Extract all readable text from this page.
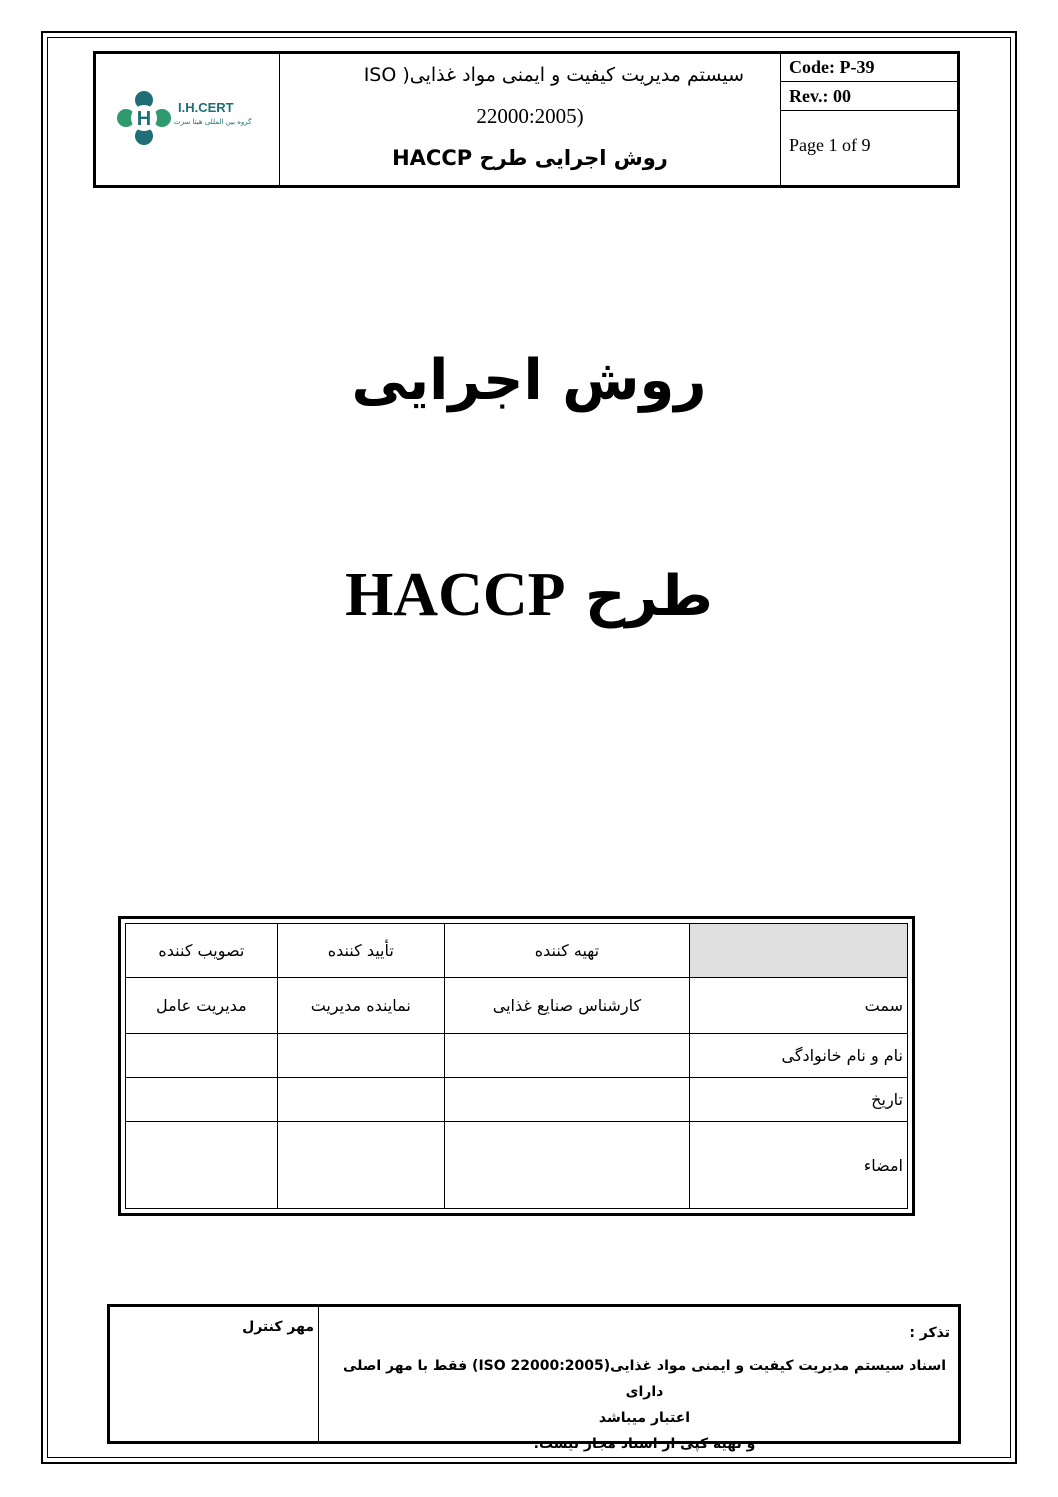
H
I.H.CERT
گروه بین المللی هیتا سرت
سیستم مدیریت کیفیت و ایمنی مواد غذایی( ISO
(22000:2005
روش اجرایی طرح HACCP
Code: P-39
Rev.: 00
Page 1 of 9
روش اجرایی
طرح HACCP
	تهیه کننده	تأیید کننده	تصویب کننده
سمت	کارشناس صنایع غذایی	نماینده مدیریت	مدیریت عامل
نام و نام خانوادگی			
تاریخ			
امضاء			
مهر کنترل	تذکر :
اسناد سیستم مدیریت کیفیت و ایمنی مواد غذایی(ISO 22000:2005) فقط با مهر اصلی دارای
اعتبار میباشد
و تهیه کپی از اسناد مجاز نیست.
